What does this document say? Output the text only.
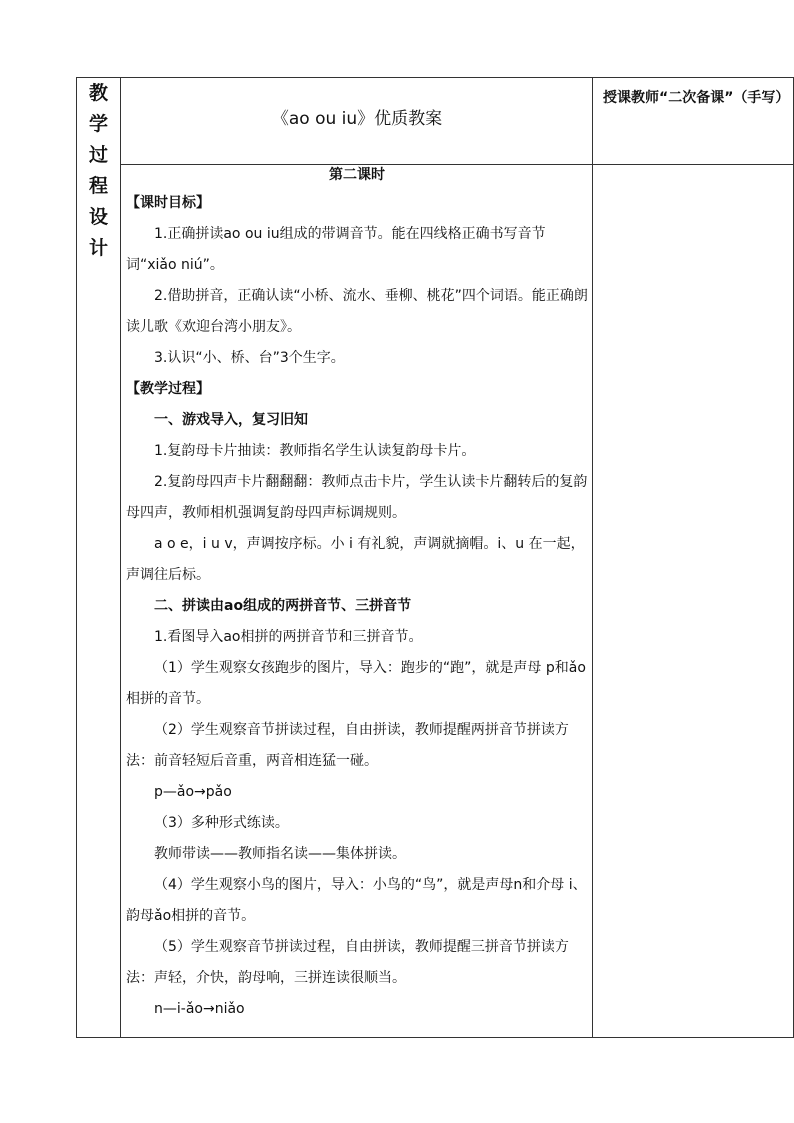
教
学
过
程
设
计
《ao ou iu》优质教案
授课教师“二次备课”（手写）
第二课时

【课时目标】

1.正确拼读ao ou iu组成的带调音节。能在四线格正确书写音节词“xiǎo niú”。

2.借助拼音，正确认读“小桥、流水、垂柳、桃花”四个词语。能正确朗读儿歌《欢迎台湾小朋友》。

3.认识“小、桥、台”3个生字。

【教学过程】

一、游戏导入，复习旧知

1.复韵母卡片抽读：教师指名学生认读复韵母卡片。

2.复韵母四声卡片翻翻翻：教师点击卡片，学生认读卡片翻转后的复韵母四声，教师相机强调复韵母四声标调规则。

a o e，i u v，声调按序标。小 i 有礼貌，声调就摘帽。i、u 在一起，声调往后标。

二、拼读由ao组成的两拼音节、三拼音节

1.看图导入ao相拼的两拼音节和三拼音节。

（1）学生观察女孩跑步的图片，导入：跑步的“跑”，就是声母 p和ǎo相拼的音节。

（2）学生观察音节拼读过程，自由拼读，教师提醒两拼音节拼读方法：前音轻短后音重，两音相连猛一碰。

p—ǎo→pǎo

（3）多种形式练读。

教师带读——教师指名读——集体拼读。

（4）学生观察小鸟的图片，导入：小鸟的“鸟”，就是声母n和介母 i、韵母ǎo相拼的音节。

（5）学生观察音节拼读过程，自由拼读，教师提醒三拼音节拼读方法：声轻，介快，韵母响，三拼连读很顺当。

n—i-ǎo→niǎo
